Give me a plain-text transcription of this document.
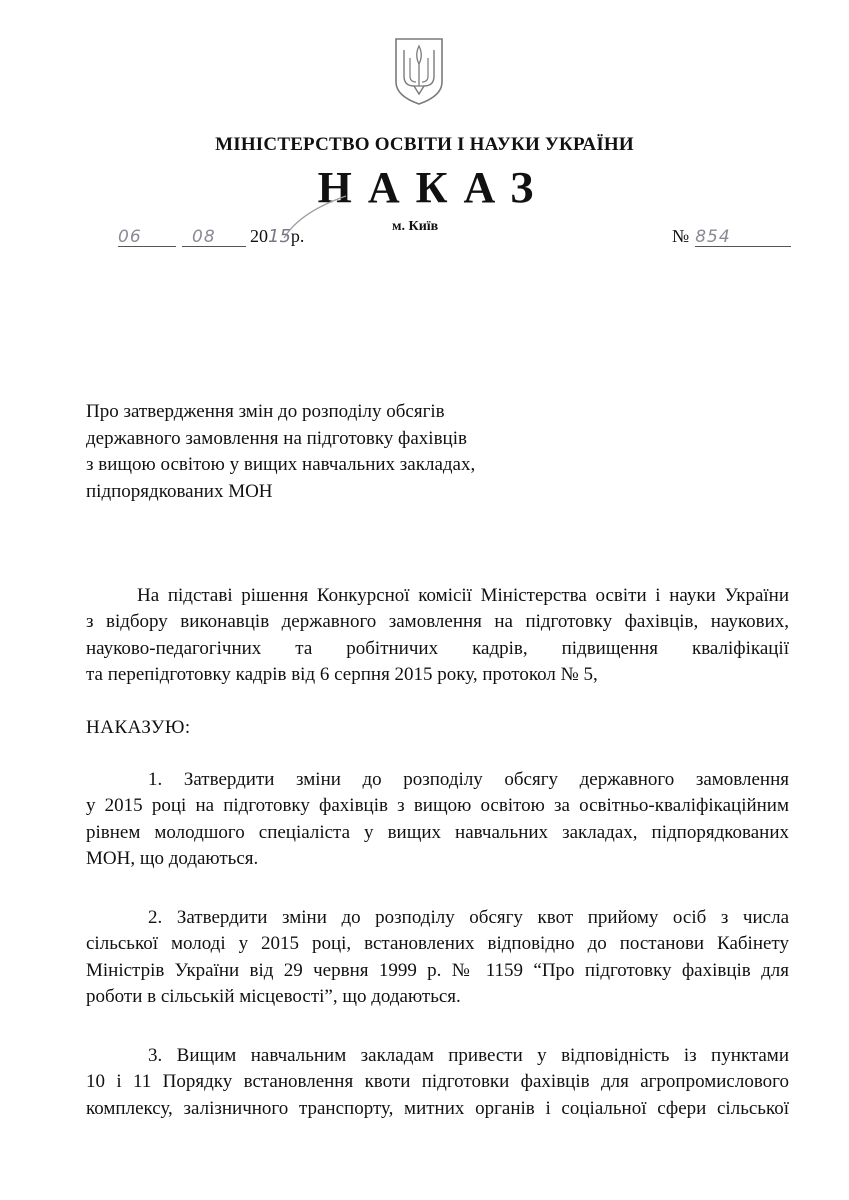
МІНІСТЕРСТВО ОСВІТИ І НАУКИ УКРАЇНИ
НАКАЗ
06	08	2015р.	м. Київ	№ 854
Про затвердження змін до розподілу обсягів
державного замовлення на підготовку фахівців
з вищою освітою у вищих навчальних закладах,
підпорядкованих МОН
На підставі рішення Конкурсної комісії Міністерства освіти і науки України
з відбору виконавців державного замовлення на підготовку фахівців, наукових,
науково-педагогічних та робітничих кадрів, підвищення кваліфікації
та перепідготовку кадрів від 6 серпня 2015 року, протокол № 5,
НАКАЗУЮ:
1. Затвердити зміни до розподілу обсягу державного замовлення
у 2015 році на підготовку фахівців з вищою освітою за освітньо-кваліфікаційним
рівнем молодшого спеціаліста у вищих навчальних закладах, підпорядкованих
МОН, що додаються.
2. Затвердити зміни до розподілу обсягу квот прийому осіб з числа
сільської молоді у 2015 році, встановлених відповідно до постанови Кабінету
Міністрів України від 29 червня 1999 р. № 1159 “Про підготовку фахівців для
роботи в сільській місцевості”, що додаються.
3. Вищим навчальним закладам привести у відповідність із пунктами
10 і 11 Порядку встановлення квоти підготовки фахівців для агропромислового
комплексу, залізничного транспорту, митних органів і соціальної сфери сільської
